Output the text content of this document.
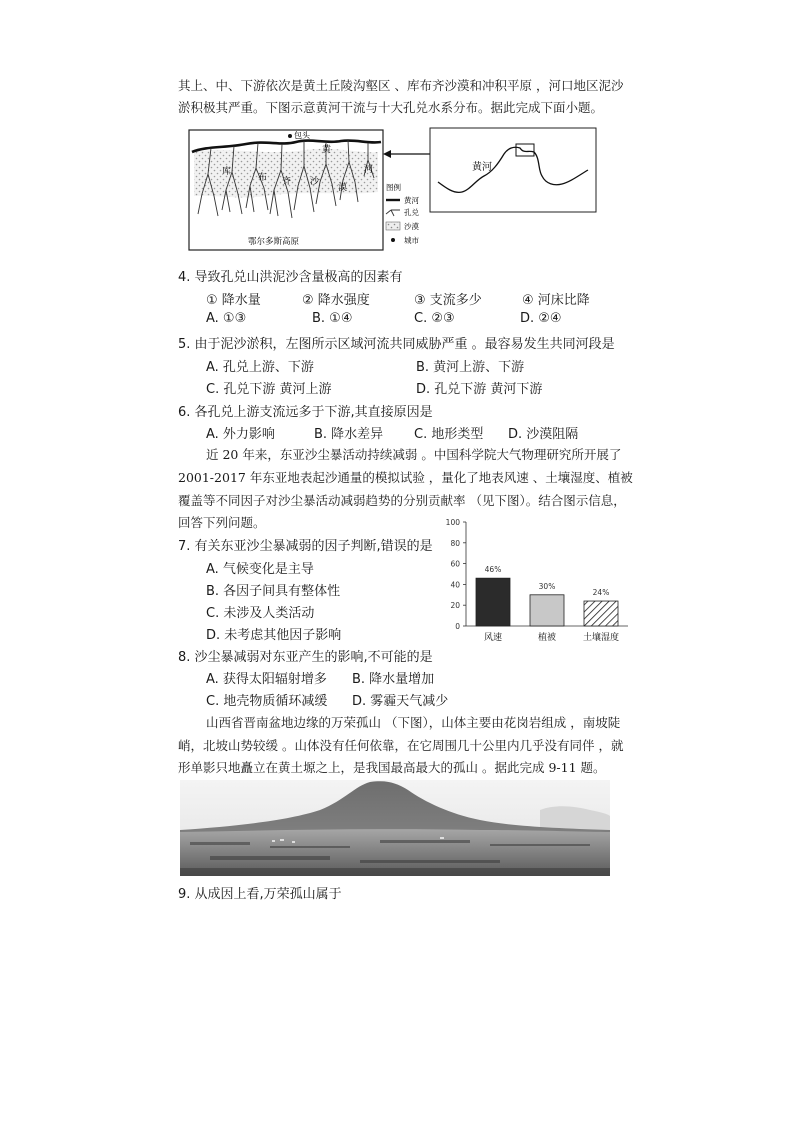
其上、中、下游依次是黄土丘陵沟壑区 、库布齐沙漠和冲积平原 ，河口地区泥沙
淤积极其严重。下图示意黄河干流与十大孔兑水系分布。据此完成下面小题。
包头
黄
河
库
布 齐 沙
漠
鄂尔多斯高原
图例
黄河
孔兑
沙漠
城市
黄河
4. 导致孔兑山洪泥沙含量极高的因素有
① 降水量	② 降水强度	③ 支流多少	④ 河床比降
A. ①③	B. ①④	C. ②③	D. ②④
5. 由于泥沙淤积，左图所示区域河流共同威胁严重 。最容易发生共同河段是
A. 孔兑上游、下游	B. 黄河上游、下游
C. 孔兑下游 黄河上游	D. 孔兑下游 黄河下游
6. 各孔兑上游支流远多于下游,其直接原因是
A. 外力影响	B. 降水差异 C. 地形类型 D. 沙漠阻隔
近 20 年来，东亚沙尘暴活动持续减弱 。中国科学院大气物理研究所开展了
2001-2017 年东亚地表起沙通量的模拟试验 ，量化了地表风速 、土壤湿度、植被
覆盖等不同因子对沙尘暴活动减弱趋势的分别贡献率 （见下图）。结合图示信息，
回答下列问题。
7. 有关东亚沙尘暴减弱的因子判断,错误的是
A. 气候变化是主导
B. 各因子间具有整体性
C. 未涉及人类活动
D. 未考虑其他因子影响
0
20
40
60
80
100
46%
风速
30%
植被
24%
土壤湿度
8. 沙尘暴减弱对东亚产生的影响,不可能的是
A. 获得太阳辐射增多 B. 降水量增加
C. 地壳物质循环减缓 D. 雾霾天气减少
山西省晋南盆地边缘的万荣孤山 （下图），山体主要由花岗岩组成 ，南坡陡
峭，北坡山势较缓 。山体没有任何依靠，在它周围几十公里内几乎没有同伴 ，就
形单影只地矗立在黄土塬之上，是我国最高最大的孤山 。据此完成 9-11 题。
9. 从成因上看,万荣孤山属于
